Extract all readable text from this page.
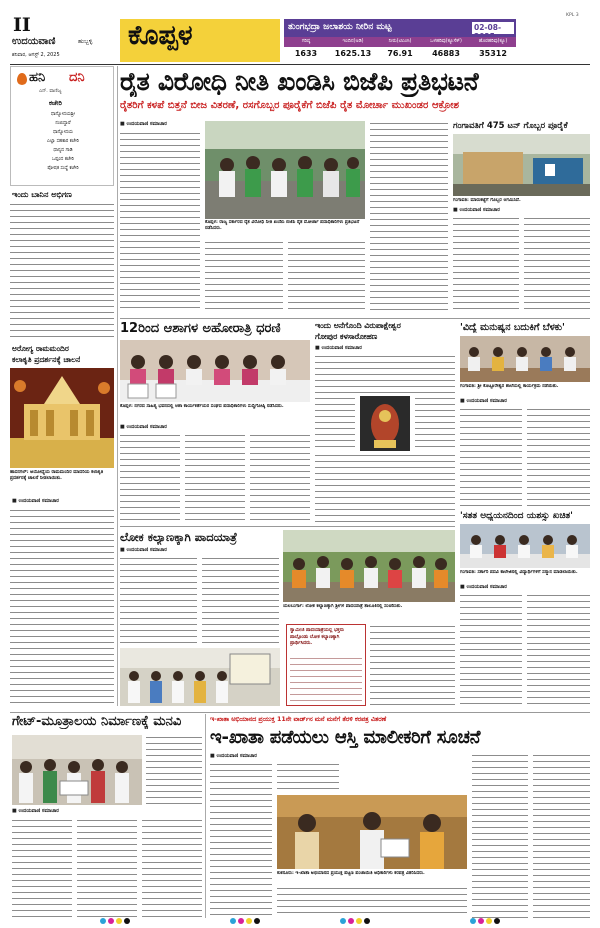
II
ಉದಯವಾಣಿ	ಹುಬ್ಬಳ್ಳಿ
ಶನಿವಾರ, ಆಗಸ್ಟ್ 2, 2025
ಕೊಪ್ಪಳ	ತುಂಗಭದ್ರಾ ಜಲಾಶಯ ನೀರಿನ ಮಟ್ಟ	02-08-
KPL 3
ಗರಿಷ್ಠ	ಇಂದಿನ(ಅಡಿ)	ನೀರು(ಟಿಎಂಸಿ)	ಒಳಹರಿವು(ಕ್ಯೂಸೆಕ್)	ಹೊರಹರಿವು(ಕ್ಯೂ)
1633	1625.13	76.91	46883	35312
ಹನಿ ದನಿ
ಎನ್. ವಾಣಿಜ್ಯ
ಕಚೇರಿ
ಧಾನ್ಯೋದಯಶ್ರೀ
ನಂಬಿದ್ದಾರೆ
ಧಾನ್ಯೋದಯ
ಎಲ್ಲಾ ಸಹಕಾರ ಕಚೇರಿ
ಧಾನ್ಯದ ಗಾಡಿ
ಒಪ್ಪಂದ ಕಚೇರಿ
ಪೋಷಕ ಸಂಸ್ಥೆ ಕಚೇರಿ
ಇಂದು ಬಾನಿನ ಅಭಿಗಣ
ಅರೋಗ್ಯ ರಾಮಮಂದಿರ
ಕಲಾಕೃತಿ ಪ್ರದರ್ಶನಕ್ಕೆ ಚಾಲನೆ
ಹಾಸನಗಲ್: ಅಯೋಧ್ಯೆಯ ರಾಮಮಂದಿರ ಮಾದರಿಯ ಕಲಾಕೃತಿ ಪ್ರದರ್ಶನಕ್ಕೆ ಚಾಲನೆ ನೀಡಲಾಯಿತು.
■ ಉದಯವಾಣಿ ಸಮಾಚಾರ
ರೈತ ವಿರೋಧಿ ನೀತಿ ಖಂಡಿಸಿ ಬಿಜೆಪಿ ಪ್ರತಿಭಟನೆ
ರೈತರಿಗೆ ಕಳಪೆ ಬಿತ್ತನೆ ಬೀಜ ವಿತರಣೆ, ರಸಗೊಬ್ಬರ ಪೂರೈಕೆಗೆ ಬಿಜೆಪಿ ರೈತ ಮೋರ್ಚಾ ಮುಖಂಡರ ಆಕ್ರೋಶ
■ ಉದಯವಾಣಿ ಸಮಾಚಾರ
ಕೊಪ್ಪಳ: ರಾಜ್ಯ ಸರ್ಕಾರದ ರೈತ ವಿರೋಧಿ ನೀತಿ ಖಂಡಿಸಿ ಬಿಜೆಪಿ ರೈತ ಮೋರ್ಚಾ ಪದಾಧಿಕಾರಿಗಳು ಪ್ರತಿಭಟನೆ ನಡೆಸಿದರು.
ಗಂಗಾವತಿಗೆ 475 ಟನ್ ಗೊಬ್ಬರ ಪೂರೈಕೆ
ಗಂಗಾವತಿ: ಮಾರುಕಟ್ಟೆಗೆ ಗೊಬ್ಬರ ಆಗಮಿಸಿದೆ.
■ ಉದಯವಾಣಿ ಸಮಾಚಾರ
12ರಿಂದ ಆಶಾಗಳ ಅಹೋರಾತ್ರಿ ಧರಣಿ
ಕೊಪ್ಪಳ: ನಗರದ ಸಾಹಿತ್ಯ ಭವನದಲ್ಲಿ ಆಶಾ ಕಾರ್ಯಕರ್ತೆಯರ ಸಂಘದ ಪದಾಧಿಕಾರಿಗಳು ಸುದ್ದಿಗೋಷ್ಠಿ ನಡೆಸಿದರು.
■ ಉದಯವಾಣಿ ಸಮಾಚಾರ
ಇಂದು ಅನೆಗೊಂದಿ ವಿರುಪಾಕ್ಷೇಶ್ವರ
ಗೋಪುರ ಕಳಸಾರೋಹಣ
■ ಉದಯವಾಣಿ ಸಮಾಚಾರ
'ವಿದ್ಯೆ ಮನುಷ್ಯನ ಬದುಕಿಗೆ ಬೆಳಕು'
ಗಂಗಾವತಿ: ಶ್ರೀ ಕೊಟ್ಟೂರೇಶ್ವರ ಶಾಲೆಯಲ್ಲಿ ಕಾರ್ಯಕ್ರಮ ನಡೆಯಿತು.
■ ಉದಯವಾಣಿ ಸಮಾಚಾರ
'ಸತತ ಅಧ್ಯಯನದಿಂದ ಯಶಸ್ಸು ಖಚಿತ'
ಗಂಗಾವತಿ: ಸರ್ಕಾರಿ ಪದವಿ ಕಾಲೇಜಿನಲ್ಲಿ ವಿದ್ಯಾರ್ಥಿಗಳಿಗೆ ಸನ್ಮಾನ ಮಾಡಲಾಯಿತು.
■ ಉದಯವಾಣಿ ಸಮಾಚಾರ
ಲೋಕ ಕಲ್ಯಾಣಕ್ಕಾಗಿ ಪಾದಯಾತ್ರೆ
■ ಉದಯವಾಣಿ ಸಮಾಚಾರ
ಯಲಬುರ್ಗಾ: ಲೋಕ ಕಲ್ಯಾಣಕ್ಕಾಗಿ ಶ್ರೀಗಳ ಪಾದಯಾತ್ರೆ ತಾಲೂಕಿನಲ್ಲಿ ಸಂಚರಿಸಿತು.
ಸ್ವಾಮೀಜಿ ಪಾದಯಾತ್ರೆಯಲ್ಲಿ ಭಕ್ತರು ಪಾಲ್ಗೊಂಡು ಲೋಕ ಕಲ್ಯಾಣಕ್ಕಾಗಿ ಪ್ರಾರ್ಥಿಸಿದರು.
ಗೇಟ್-ಮೂತ್ರಾಲಯ ನಿರ್ಮಾಣಕ್ಕೆ ಮನವಿ
■ ಉದಯವಾಣಿ ಸಮಾಚಾರ
ಇ-ಖಾತಾ ಅಭಿಯಾನದ ಪ್ರಯುಕ್ತ 11ನೇ ವಾರ್ಡ್‌ನ ಮನೆ ಮನೆಗೆ ತೆರಳಿ ಕರಪತ್ರ ವಿತರಣೆ
ಇ-ಖಾತಾ ಪಡೆಯಲು ಆಸ್ತಿ ಮಾಲೀಕರಿಗೆ ಸೂಚನೆ
■ ಉದಯವಾಣಿ ಸಮಾಚಾರ
ಕುಕನೂರು: ಇ-ಖಾತಾ ಅಭಿಯಾನದ ಪ್ರಯುಕ್ತ ಪಟ್ಟಣ ಪಂಚಾಯಿತಿ ಅಧಿಕಾರಿಗಳು ಕರಪತ್ರ ವಿತರಿಸಿದರು.
